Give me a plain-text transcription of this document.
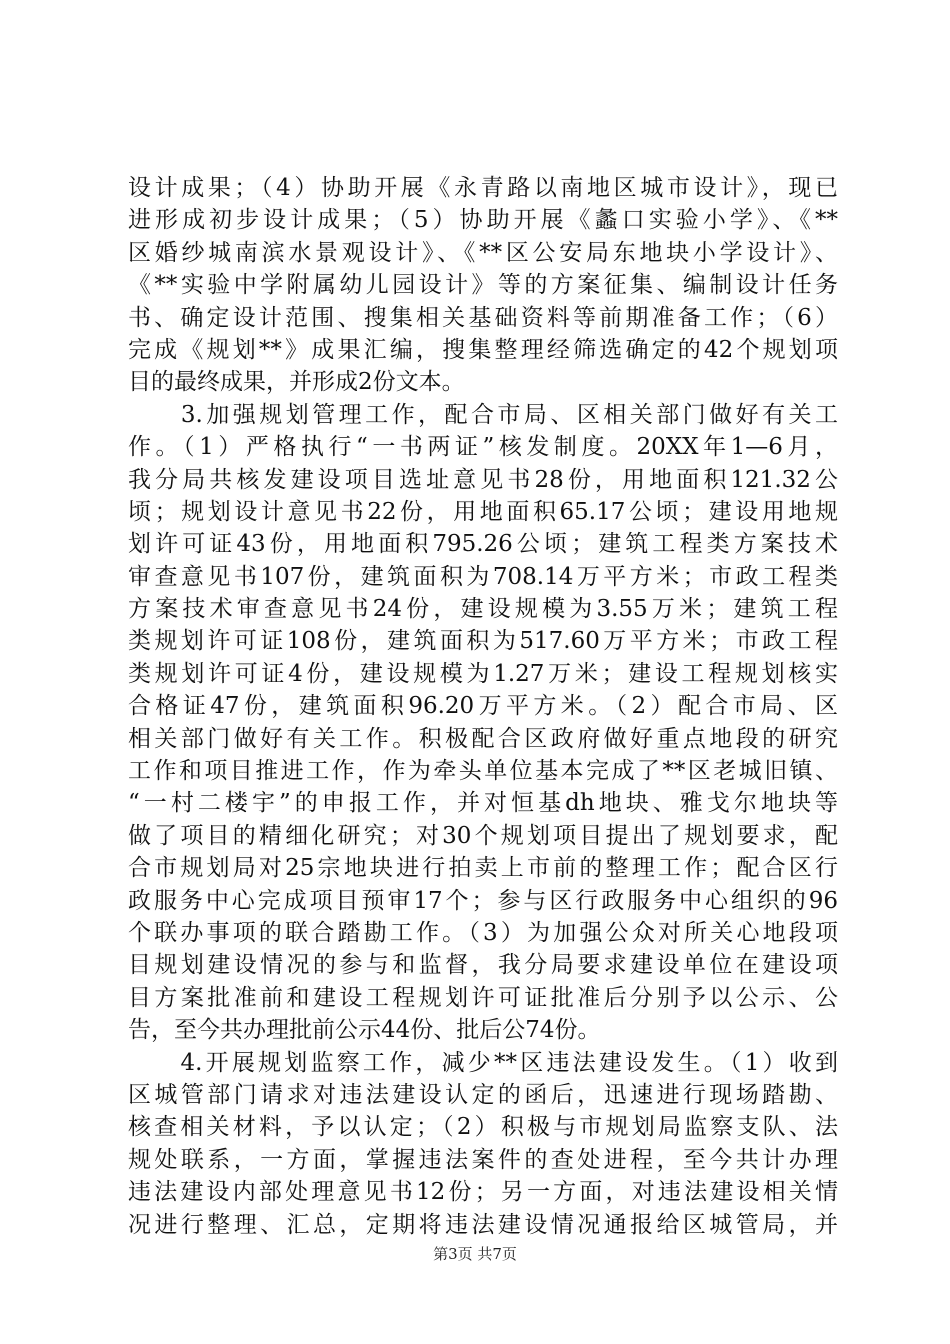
设计成果；（4）协助开展《永青路以南地区城市设计》，现已
进形成初步设计成果；（5）协助开展《蠡口实验小学》、《**
区婚纱城南滨水景观设计》、《**区公安局东地块小学设计》、
《**实验中学附属幼儿园设计》等的方案征集、编制设计任务
书、确定设计范围、搜集相关基础资料等前期准备工作；（6）
完成《规划**》成果汇编，搜集整理经筛选确定的42个规划项
目的最终成果，并形成2份文本。
　　3.加强规划管理工作，配合市局、区相关部门做好有关工
作。（1）严格执行“一书两证”核发制度。20XX年1—6月，
我分局共核发建设项目选址意见书28份，用地面积121.32公
顷；规划设计意见书22份，用地面积65.17公顷；建设用地规
划许可证43份，用地面积795.26公顷；建筑工程类方案技术
审查意见书107份，建筑面积为708.14万平方米；市政工程类
方案技术审查意见书24份，建设规模为3.55万米；建筑工程
类规划许可证108份，建筑面积为517.60万平方米；市政工程
类规划许可证4份，建设规模为1.27万米；建设工程规划核实
合格证47份，建筑面积96.20万平方米。（2）配合市局、区
相关部门做好有关工作。积极配合区政府做好重点地段的研究
工作和项目推进工作，作为牵头单位基本完成了**区老城旧镇、
“一村二楼宇”的申报工作，并对恒基dh地块、雅戈尔地块等
做了项目的精细化研究；对30个规划项目提出了规划要求，配
合市规划局对25宗地块进行拍卖上市前的整理工作；配合区行
政服务中心完成项目预审17个；参与区行政服务中心组织的96
个联办事项的联合踏勘工作。（3）为加强公众对所关心地段项
目规划建设情况的参与和监督，我分局要求建设单位在建设项
目方案批准前和建设工程规划许可证批准后分别予以公示、公
告，至今共办理批前公示44份、批后公74份。
　　4.开展规划监察工作，减少**区违法建设发生。（1）收到
区城管部门请求对违法建设认定的函后，迅速进行现场踏勘、
核查相关材料，予以认定；（2）积极与市规划局监察支队、法
规处联系，一方面，掌握违法案件的查处进程，至今共计办理
违法建设内部处理意见书12份；另一方面，对违法建设相关情
况进行整理、汇总，定期将违法建设情况通报给区城管局，并
第3页 共7页
